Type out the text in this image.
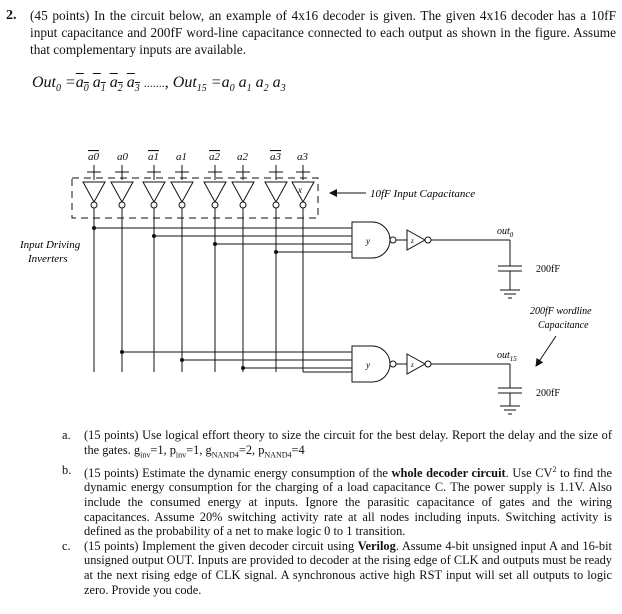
2. (45 points) In the circuit below, an example of 4x16 decoder is given. The given 4x16 decoder has a 10fF input capacitance and 200fF word-line capacitance connected to each output as shown in the figure. Assume that complementary inputs are available.
$Out_0 =a_0$ $a_1$ $a_2$ $a_3$ ......., $Out_{15} =a_0$ $a_1$ $a_2$ $a_3$
a0 a0 a1 a1 a2 a2 a3 a3
x
y	z
out$_0$
200fF
y	z
out$_{15}$
200fF
10fF Input Capacitance
Input Driving
Inverters
200fF wordline
Capacitance
a. (15 points) Use logical effort theory to size the circuit for the best delay. Report the delay and the size of the gates. $g_{inv}=1$, $p_{inv}=1$, $g_{NAND4}=2$, $p_{NAND4}=4$
b. (15 points) Estimate the dynamic energy consumption of the whole decoder circuit. Use $CV^2$ to find the dynamic energy consumption for the charging of a load capacitance C. The power supply is 1.1V. Also include the consumed energy at inputs. Ignore the parasitic capacitance of gates and the wiring capacitances. Assume 20% switching activity rate at all nodes including inputs. Switching activity is defined as the probability of a net to make logic 0 to 1 transition.
c. (15 points) Implement the given decoder circuit using Verilog. Assume 4-bit unsigned input A and 16-bit unsigned output OUT. Inputs are provided to decoder at the rising edge of CLK and outputs must be ready at the next rising edge of CLK signal. A synchronous active high RST input will set all outputs to logic zero. Provide you code.
